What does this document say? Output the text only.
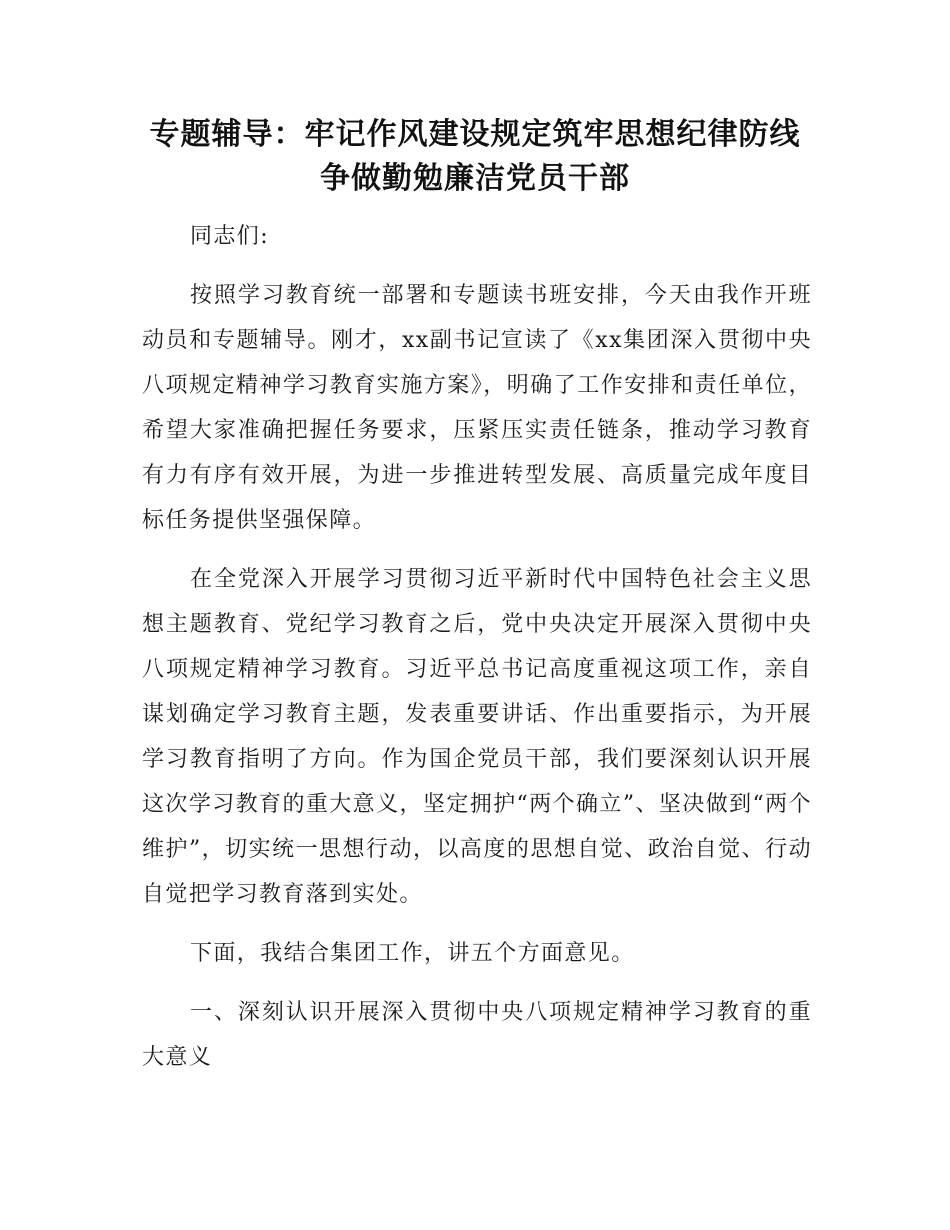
专题辅导：牢记作风建设规定筑牢思想纪律防线争做勤勉廉洁党员干部

同志们:

按照学习教育统一部署和专题读书班安排，今天由我作开班动员和专题辅导。刚才，xx副书记宣读了《xx集团深入贯彻中央八项规定精神学习教育实施方案》，明确了工作安排和责任单位，希望大家准确把握任务要求，压紧压实责任链条，推动学习教育有力有序有效开展，为进一步推进转型发展、高质量完成年度目标任务提供坚强保障。

在全党深入开展学习贯彻习近平新时代中国特色社会主义思想主题教育、党纪学习教育之后，党中央决定开展深入贯彻中央八项规定精神学习教育。习近平总书记高度重视这项工作，亲自谋划确定学习教育主题，发表重要讲话、作出重要指示，为开展学习教育指明了方向。作为国企党员干部，我们要深刻认识开展这次学习教育的重大意义，坚定拥护“两个确立”、坚决做到“两个维护”，切实统一思想行动，以高度的思想自觉、政治自觉、行动自觉把学习教育落到实处。

下面，我结合集团工作，讲五个方面意见。

一、深刻认识开展深入贯彻中央八项规定精神学习教育的重大意义
